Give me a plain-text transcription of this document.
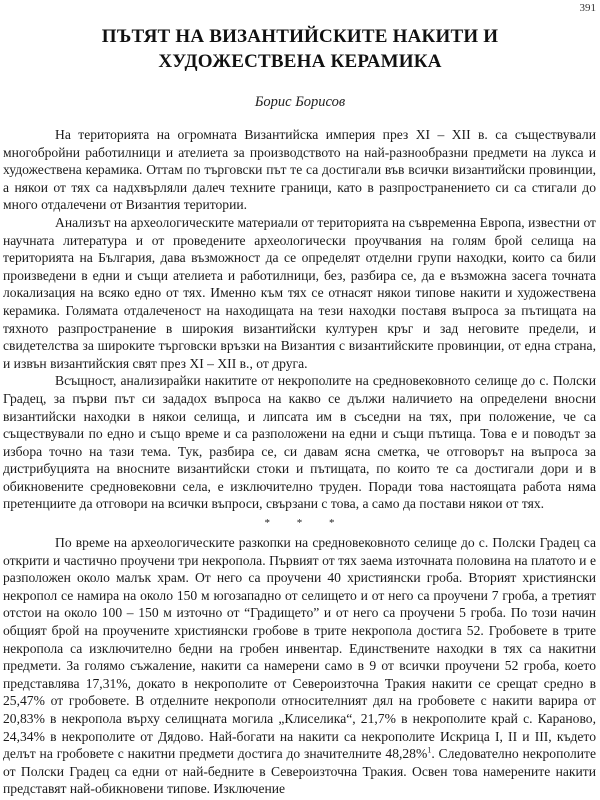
391
ПЪТЯТ НА ВИЗАНТИЙСКИТЕ НАКИТИ И
ХУДОЖЕСТВЕНА КЕРАМИКА
Борис Борисов

На територията на огромната Византийска империя през XI – XII в. са съществували многобройни работилници и ателиета за производството на най-разнообразни предмети на лукса и художествена керамика. Оттам по търговски път те са достигали във всички византийски провинции, а някои от тях са надхвърляли далеч техните граници, като в разпространението си са стигали до много отдалечени от Византия територии.

Анализът на археологическите материали от територията на съвременна Европа, известни от научната литература и от проведените археологически проучвания на голям брой селища на територията на България, дава възможност да се определят отделни групи находки, които са били произведени в едни и същи ателиета и работилници, без, разбира се, да е възможна засега точната локализация на всяко едно от тях. Именно към тях се отнасят някои типове накити и художествена керамика. Голямата отдалеченост на находищата на тези находки поставя въпроса за пътищата на тяхното разпространение в широкия византийски културен кръг и зад неговите предели, и свидетелства за широките търговски връзки на Византия с византийските провинции, от една страна, и извън византийския свят през XI – XII в., от друга.

Всъщност, анализирайки накитите от некрополите на средновековното селище до с. Полски Градец, за първи път си зададох въпроса на какво се дължи наличието на определени вносни византийски находки в някои селища, и липсата им в съседни на тях, при положение, че са съществували по едно и също време и са разположени на едни и същи пътища. Това е и поводът за избора точно на тази тема. Тук, разбира се, си давам ясна сметка, че отговорът на въпроса за дистрибуцията на вносните византийски стоки и пътищата, по които те са достигали дори и в обикновените средновековни села, е изключително труден. Поради това настоящата работа няма претенциите да отговори на всички въпроси, свързани с това, а само да постави някои от тях.

* * *

По време на археологическите разкопки на средновековното селище до с. Полски Градец са открити и частично проучени три некропола. Първият от тях заема източната половина на платото и е разположен около малък храм. От него са проучени 40 християнски гроба. Вторият християнски некропол се намира на около 150 м югозападно от селището и от него са проучени 7 гроба, а третият отстои на около 100 – 150 м източно от “Градището” и от него са проучени 5 гроба. По този начин общият брой на проучените християнски гробове в трите некропола достига 52. Гробовете в трите некропола са изключително бедни на гробен инвентар. Единствените находки в тях са накитни предмети. За голямо съжаление, накити са намерени само в 9 от всички проучени 52 гроба, което представлява 17,31%, докато в некрополите от Североизточна Тракия накити се срещат средно в 25,47% от гробовете. В отделните некрополи относителният дял на гробовете с накити варира от 20,83% в некропола върху селищната могила „Клиселика“, 21,7% в некрополите край с. Караново, 24,34% в некрополите от Дядово. Най-богати на накити са некрополите Искрица I, II и III, където делът на гробовете с накитни предмети достига до значителните 48,28%$^1$. Следователно некрополите от Полски Градец са едни от най-бедните в Североизточна Тракия. Освен това намерените накити представят най-обикновени типове. Изключение
